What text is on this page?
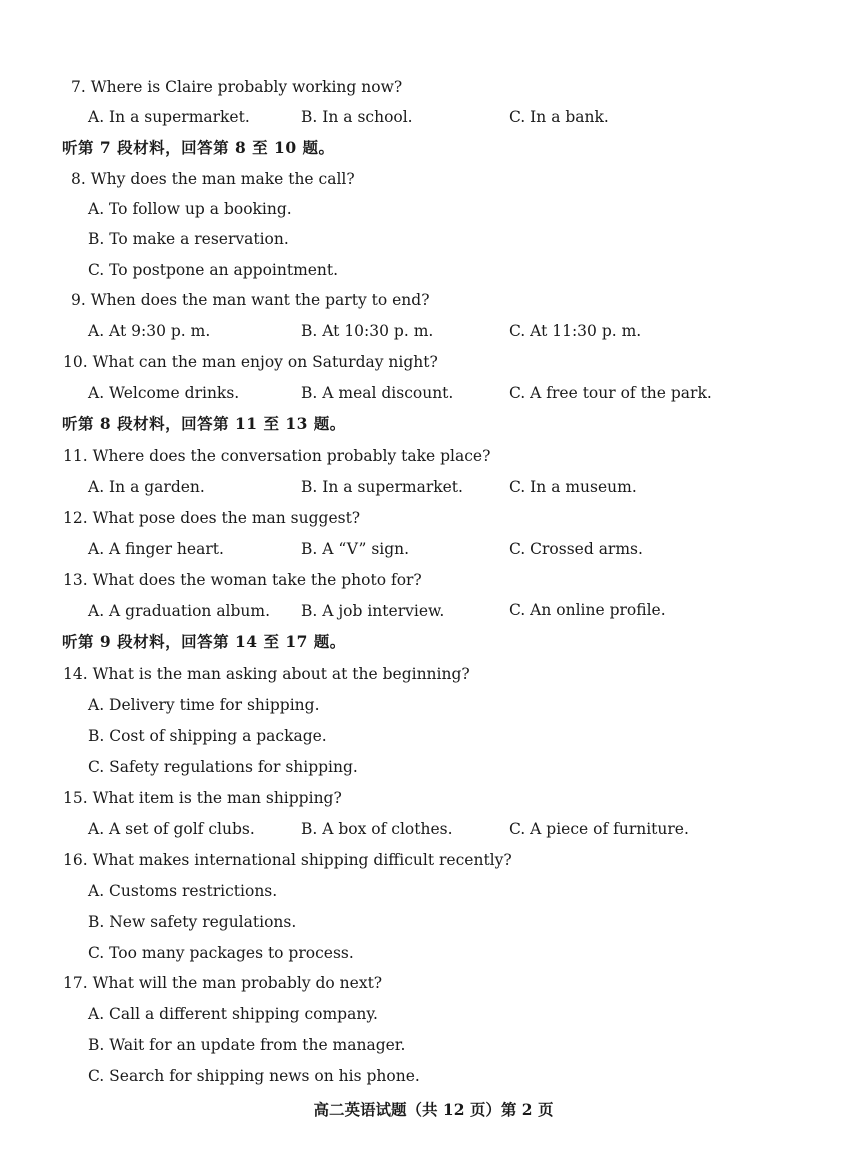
7. Where is Claire probably working now?
A. In a supermarket.	B. In a school.	C. In a bank.
听第 7 段材料，回答第 8 至 10 题。
8. Why does the man make the call?
A. To follow up a booking.
B. To make a reservation.
C. To postpone an appointment.
9. When does the man want the party to end?
A. At 9:30 p. m.	B. At 10:30 p. m.	C. At 11:30 p. m.
10. What can the man enjoy on Saturday night?
A. Welcome drinks.	B. A meal discount.	C. A free tour of the park.
听第 8 段材料，回答第 11 至 13 题。
11. Where does the conversation probably take place?
A. In a garden.	B. In a supermarket.	C. In a museum.
12. What pose does the man suggest?
A. A finger heart.	B. A “V” sign.	C. Crossed arms.
13. What does the woman take the photo for?
A. A graduation album. B. A job interview.	C. An online profile.
听第 9 段材料，回答第 14 至 17 题。
14. What is the man asking about at the beginning?
A. Delivery time for shipping.
B. Cost of shipping a package.
C. Safety regulations for shipping.
15. What item is the man shipping?
A. A set of golf clubs.	B. A box of clothes.	C. A piece of furniture.
16. What makes international shipping difficult recently?
A. Customs restrictions.
B. New safety regulations.
C. Too many packages to process.
17. What will the man probably do next?
A. Call a different shipping company.
B. Wait for an update from the manager.
C. Search for shipping news on his phone.
高二英语试题（共 12 页）第 2 页
